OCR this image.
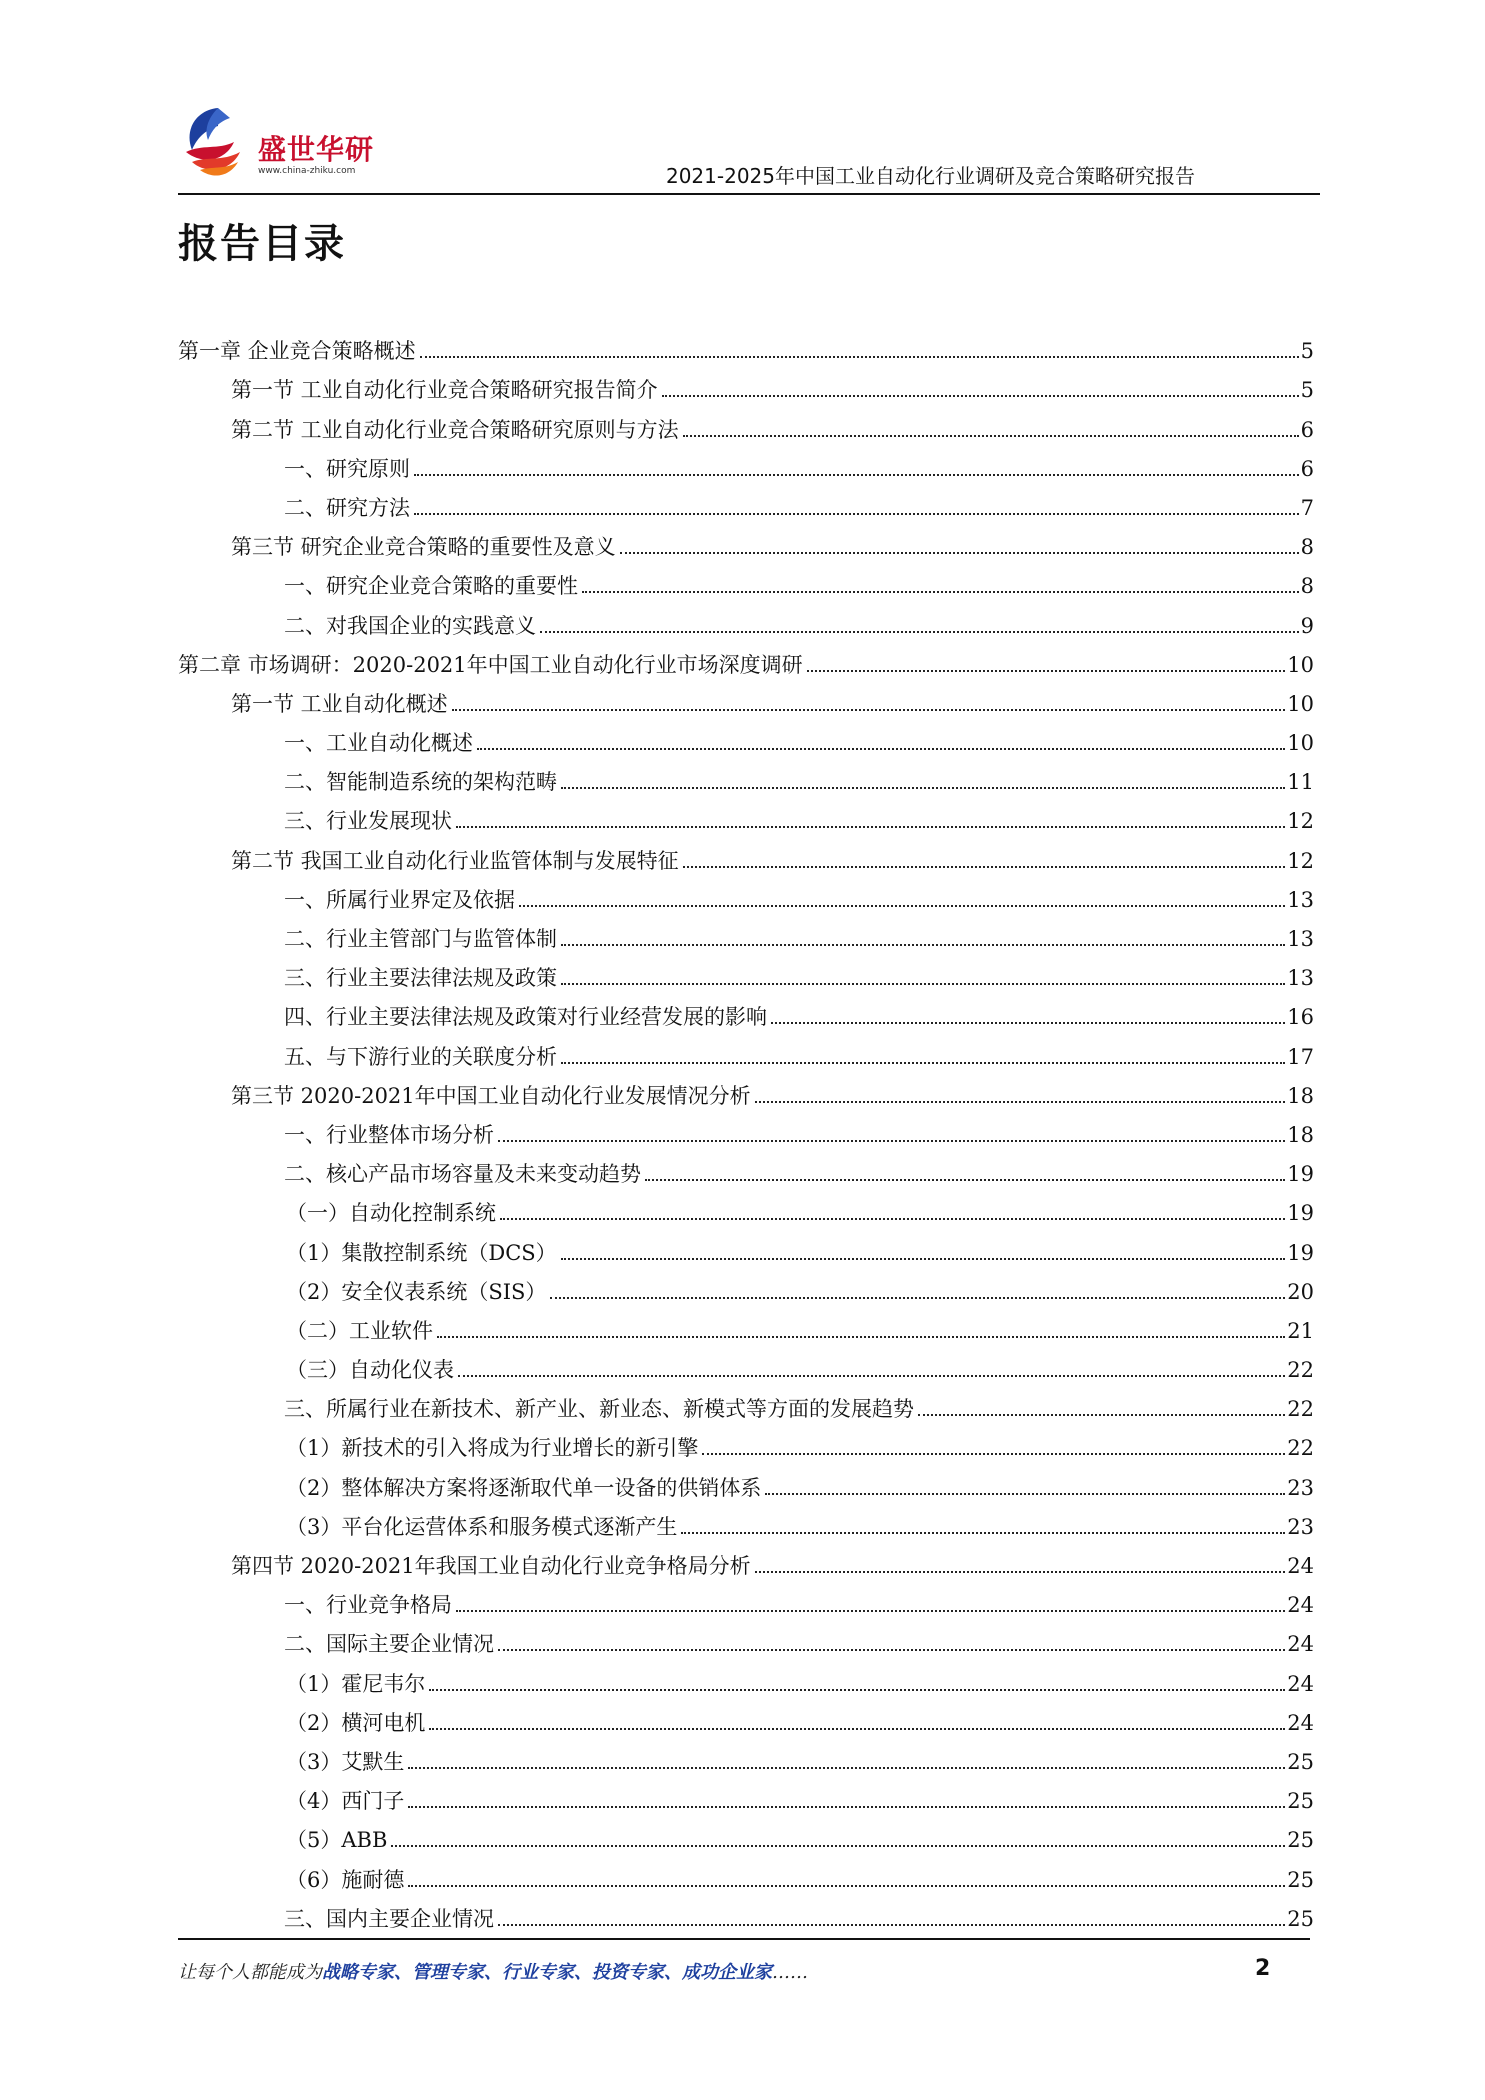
盛世华研
www.china-zhiku.com	2021-2025年中国工业自动化行业调研及竞合策略研究报告
报告目录
第一章 企业竞合策略概述	5
第一节 工业自动化行业竞合策略研究报告简介	5
第二节 工业自动化行业竞合策略研究原则与方法	6
一、研究原则	6
二、研究方法	7
第三节 研究企业竞合策略的重要性及意义	8
一、研究企业竞合策略的重要性	8
二、对我国企业的实践意义	9
第二章 市场调研：2020-2021年中国工业自动化行业市场深度调研	10
第一节 工业自动化概述	10
一、工业自动化概述	10
二、智能制造系统的架构范畴	11
三、行业发展现状	12
第二节 我国工业自动化行业监管体制与发展特征	12
一、所属行业界定及依据	13
二、行业主管部门与监管体制	13
三、行业主要法律法规及政策	13
四、行业主要法律法规及政策对行业经营发展的影响	16
五、与下游行业的关联度分析	17
第三节 2020-2021年中国工业自动化行业发展情况分析	18
一、行业整体市场分析	18
二、核心产品市场容量及未来变动趋势	19
（一）自动化控制系统	19
（1）集散控制系统（DCS）	19
（2）安全仪表系统（SIS）	20
（二）工业软件	21
（三）自动化仪表	22
三、所属行业在新技术、新产业、新业态、新模式等方面的发展趋势	22
（1）新技术的引入将成为行业增长的新引擎	22
（2）整体解决方案将逐渐取代单一设备的供销体系	23
（3）平台化运营体系和服务模式逐渐产生	23
第四节 2020-2021年我国工业自动化行业竞争格局分析	24
一、行业竞争格局	24
二、国际主要企业情况	24
（1）霍尼韦尔	24
（2）横河电机	24
（3）艾默生	25
（4）西门子	25
（5）ABB	25
（6）施耐德	25
三、国内主要企业情况	25
让每个人都能成为战略专家、管理专家、行业专家、投资专家、成功企业家……	2
